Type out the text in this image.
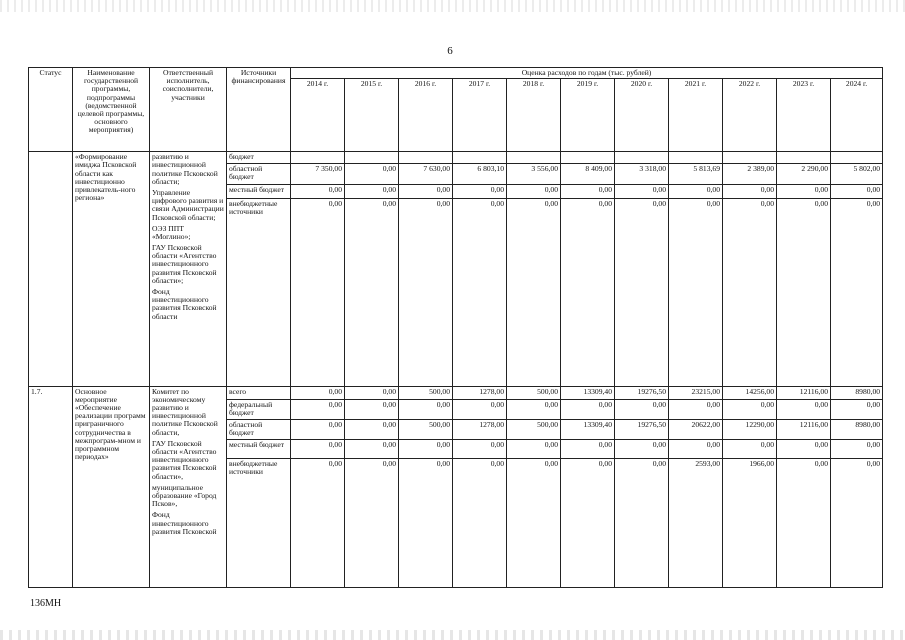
6
Статус	Наименование государственной программы, подпрограммы (ведомственной целевой программы, основного мероприятия)	Ответственный исполнитель, соисполнители, участники	Источники финансирования	Оценка расходов по годам (тыс. рублей)										
				2014 г.	2015 г.	2016 г.	2017 г.	2018 г.	2019 г.	2020 г.	2021 г.	2022 г.	2023 г.	2024 г.
	«Формирование имиджа Псковской области как инвестиционно привлекатель-ного региона»	развитию и инвестиционной политике Псковской области;
Управление цифрового развития и связи Администрации Псковской области;
ОЭЗ ППТ «Моглино»;
ГАУ Псковской области «Агентство инвестиционного развития Псковской области»;
Фонд инвестиционного развития Псковской области	бюджет											
			областной бюджет	7 350,00	0,00	7 630,00	6 803,10	3 556,00	8 409,00	3 318,00	5 813,69	2 389,00	2 290,00	5 802,00
			местный бюджет	0,00	0,00	0,00	0,00	0,00	0,00	0,00	0,00	0,00	0,00	0,00
			внебюджетные источники	0,00	0,00	0,00	0,00	0,00	0,00	0,00	0,00	0,00	0,00	0,00
1.7.	Основное мероприятие «Обеспечение реализации программ приграничного сотрудничества в межпрограм-мном и программном периодах»	Комитет по экономическому развитию и инвестиционной политике Псковской области,
ГАУ Псковской области «Агентство инвестиционного развития Псковской области»,
муниципальное образование «Город Псков»,
Фонд инвестиционного развития Псковской	всего	0,00	0,00	500,00	1278,00	500,00	13309,40	19276,50	23215,00	14256,00	12116,00	8980,00
			федеральный бюджет	0,00	0,00	0,00	0,00	0,00	0,00	0,00	0,00	0,00	0,00	0,00
			областной бюджет	0,00	0,00	500,00	1278,00	500,00	13309,40	19276,50	20622,00	12290,00	12116,00	8980,00
			местный бюджет	0,00	0,00	0,00	0,00	0,00	0,00	0,00	0,00	0,00	0,00	0,00
			внебюджетные источники	0,00	0,00	0,00	0,00	0,00	0,00	0,00	2593,00	1966,00	0,00	0,00
136МН
